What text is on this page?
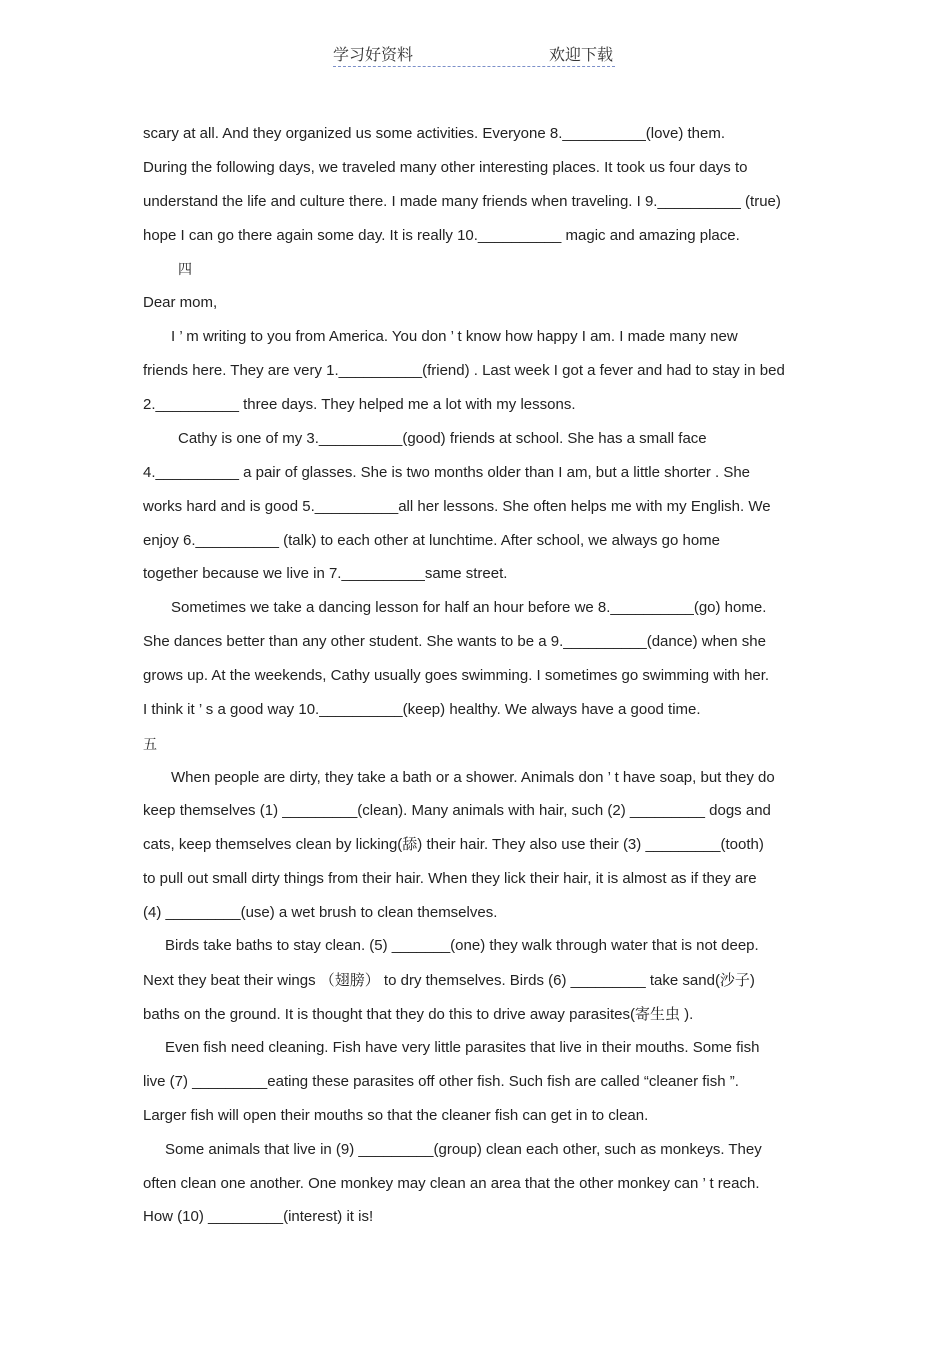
学习好资料	欢迎下载
scary at all. And they organized us some activities. Everyone 8.__________(love) them.
During the following days, we traveled many other interesting places. It took us four days to
understand the life and culture there. I made many friends when traveling. I 9.__________ (true)
hope I can go there again some day. It is really 10.__________ magic and amazing place.
四
Dear mom,
I ’ m writing to you from America. You don ’ t know how happy I am. I made many new
friends here. They are very 1.__________(friend) . Last week I got a fever and had to stay in bed
2.__________ three days. They helped me a lot with my lessons.
Cathy is one of my 3.__________(good) friends at school. She has a small face
4.__________ a pair of glasses. She is two months older than I am, but a little shorter . She
works hard and is good 5.__________all her lessons. She often helps me with my English. We
enjoy 6.__________ (talk) to each other at lunchtime. After school, we always go home
together because we live in 7.__________same street.
Sometimes we take a dancing lesson for half an hour before we 8.__________(go) home.
She dances better than any other student. She wants to be a 9.__________(dance) when she
grows up. At the weekends, Cathy usually goes swimming. I sometimes go swimming with her.
I think it ’ s a good way 10.__________(keep) healthy. We always have a good time.
五
When people are dirty, they take a bath or a shower. Animals don ’ t have soap, but they do
keep themselves (1) _________(clean). Many animals with hair, such (2) _________ dogs and
cats, keep themselves clean by licking(舔) their hair. They also use their (3) _________(tooth)
to pull out small dirty things from their hair. When they lick their hair, it is almost as if they are
(4) _________(use) a wet brush to clean themselves.
Birds take baths to stay clean. (5) _______(one) they walk through water that is not deep.
Next they beat their wings （翅膀） to dry themselves. Birds (6) _________ take sand(沙子)
baths on the ground. It is thought that they do this to drive away parasites(寄生虫 ).
Even fish need cleaning. Fish have very little parasites that live in their mouths. Some fish
live (7) _________eating these parasites off other fish. Such fish are called “cleaner fish ”.
Larger fish will open their mouths so that the cleaner fish can get in to clean.
Some animals that live in (9) _________(group) clean each other, such as monkeys. They
often clean one another. One monkey may clean an area that the other monkey can ’ t reach.
How (10) _________(interest) it is!
